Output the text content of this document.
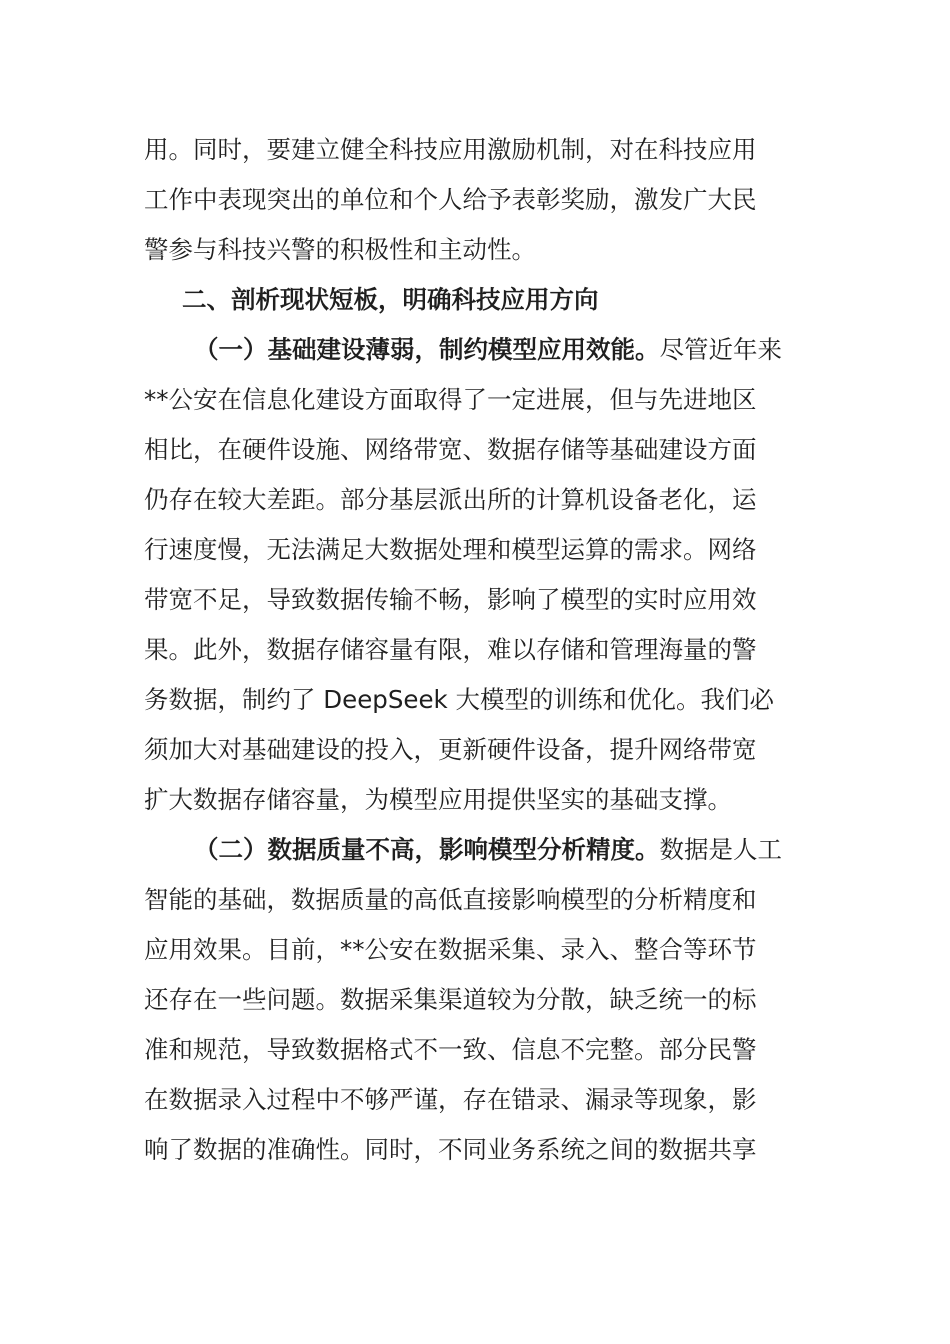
用。同时，要建立健全科技应用激励机制，对在科技应用
工作中表现突出的单位和个人给予表彰奖励，激发广大民
警参与科技兴警的积极性和主动性。
二、剖析现状短板，明确科技应用方向
（一）基础建设薄弱，制约模型应用效能。尽管近年来
**公安在信息化建设方面取得了一定进展，但与先进地区
相比，在硬件设施、网络带宽、数据存储等基础建设方面
仍存在较大差距。部分基层派出所的计算机设备老化，运
行速度慢，无法满足大数据处理和模型运算的需求。网络
带宽不足，导致数据传输不畅，影响了模型的实时应用效
果。此外，数据存储容量有限，难以存储和管理海量的警
务数据，制约了 DeepSeek 大模型的训练和优化。我们必
须加大对基础建设的投入，更新硬件设备，提升网络带宽
扩大数据存储容量，为模型应用提供坚实的基础支撑。
（二）数据质量不高，影响模型分析精度。数据是人工
智能的基础，数据质量的高低直接影响模型的分析精度和
应用效果。目前，**公安在数据采集、录入、整合等环节
还存在一些问题。数据采集渠道较为分散，缺乏统一的标
准和规范，导致数据格式不一致、信息不完整。部分民警
在数据录入过程中不够严谨，存在错录、漏录等现象，影
响了数据的准确性。同时，不同业务系统之间的数据共享
